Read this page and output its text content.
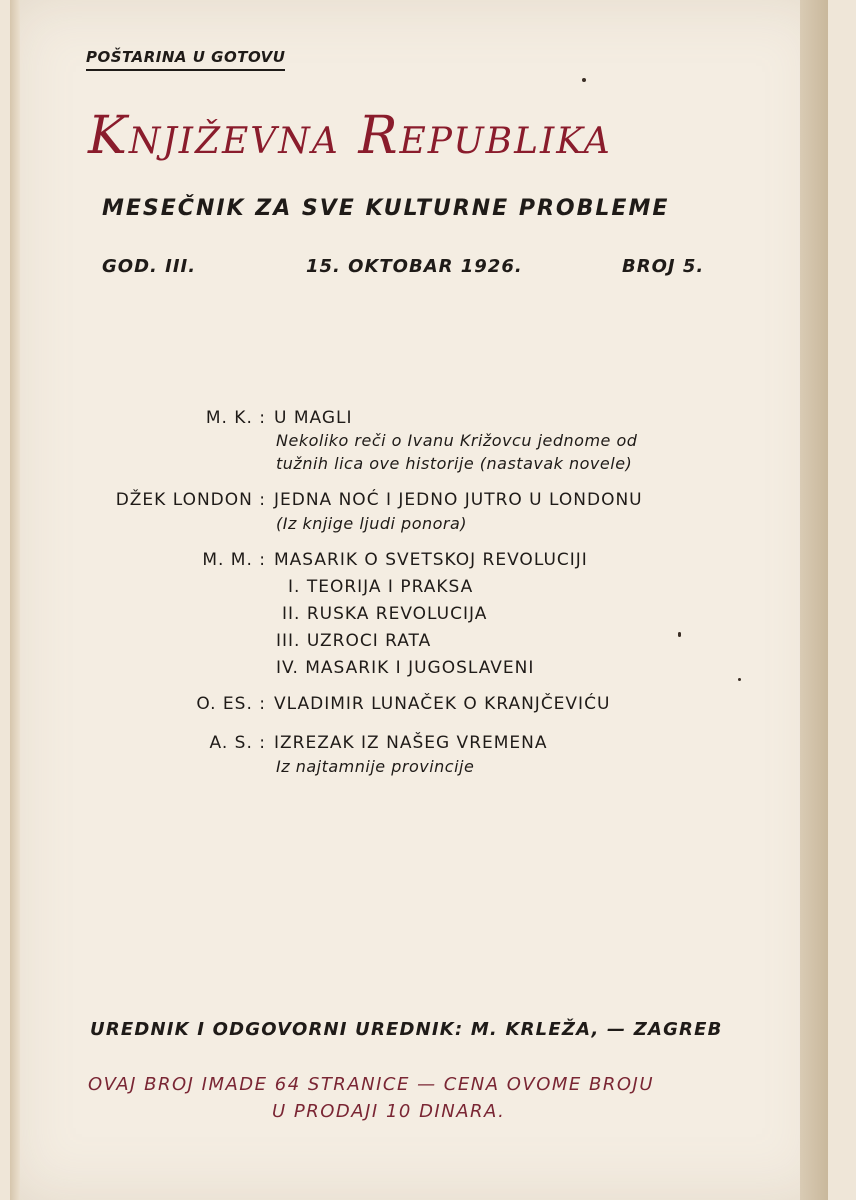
POŠTARINA U GOTOVU
Književna Republika
MESEČNIK ZA SVE KULTURNE PROBLEME
GOD. III.	15. OKTOBAR 1926.	BROJ 5.
M. K. : U MAGLI
Nekoliko reči o Ivanu Križovcu jednome od
tužnih lica ove historije (nastavak novele)
DŽEK LONDON : JEDNA NOĆ I JEDNO JUTRO U LONDONU
(Iz knjige ljudi ponora)
M. M. : MASARIK O SVETSKOJ REVOLUCIJI
I. TEORIJA I PRAKSA
II. RUSKA REVOLUCIJA
III. UZROCI RATA
IV. MASARIK I JUGOSLAVENI
O. ES. : VLADIMIR LUNAČEK O KRANJČEVIĆU
A. S. : IZREZAK IZ NAŠEG VREMENA
Iz najtamnije provincije
UREDNIK I ODGOVORNI UREDNIK: M. KRLEŽA, — ZAGREB
OVAJ BROJ IMADE 64 STRANICE — CENA OVOME BROJU
U PRODAJI 10 DINARA.
